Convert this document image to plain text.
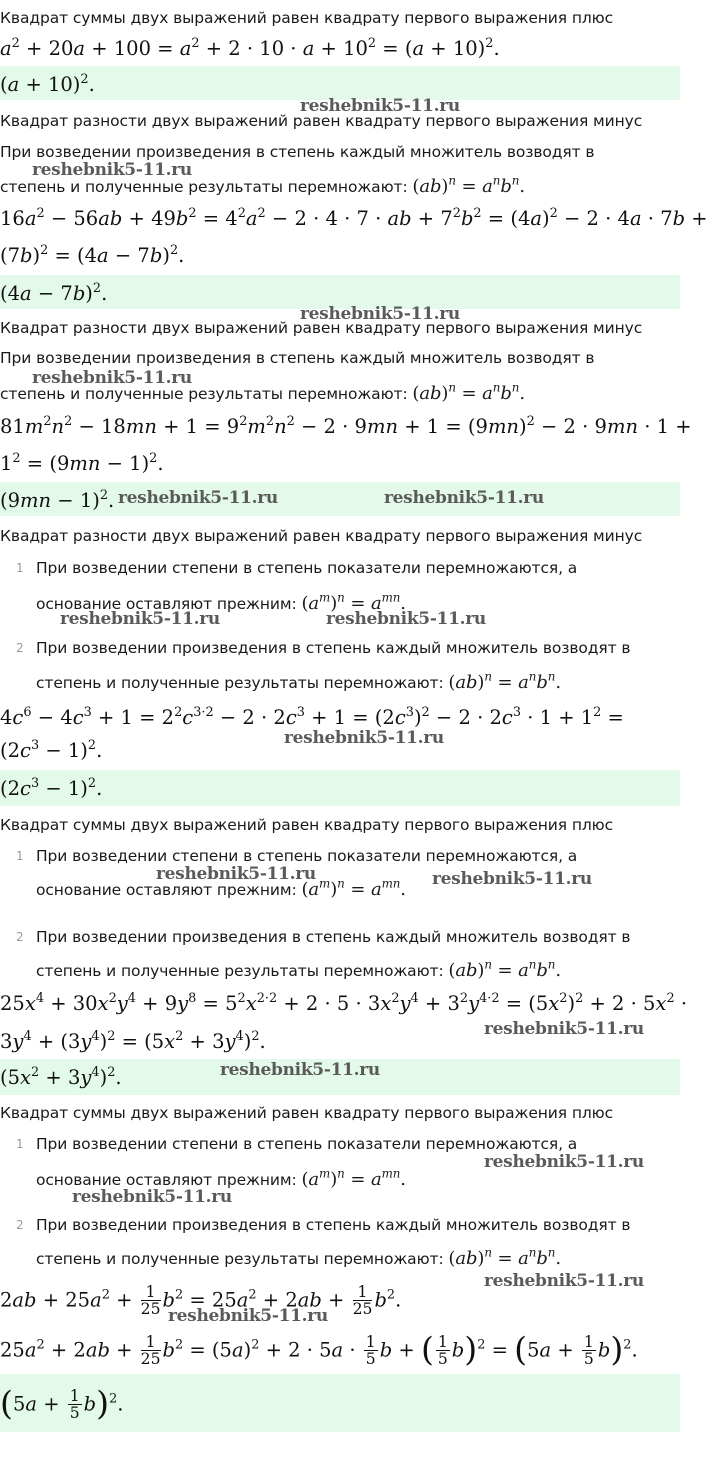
Квадрат суммы двух выражений равен квадрату первого выражения плюс
$a^2 + 20a + 100 = a^2 + 2 \cdot 10 \cdot a + 10^2 = (a + 10)^2$.
$(a + 10)^2$.
reshebnik5-11.ru
Квадрат разности двух выражений равен квадрату первого выражения минус
При возведении произведения в степень каждый множитель возводят в
reshebnik5-11.ru
степень и полученные результаты перемножают: $(ab)^n = a^nb^n$.
$16a^2 - 56ab + 49b^2 = 4^2a^2 - 2 \cdot 4 \cdot 7$ · ab + $7^2b^2 = (4a)^2 - 2 \cdot 4a \cdot 7b$ +
$(7b)^2 = (4a - 7b)^2$.
$(4a - 7b)^2$.
reshebnik5-11.ru
Квадрат разности двух выражений равен квадрату первого выражения минус
При возведении произведения в степень каждый множитель возводят в
reshebnik5-11.ru
степень и полученные результаты перемножают: $(ab)^n = a^nb^n$.
$81m^2n^2 - 18mn + 1 = 9^2m^2n^2 - 2 \cdot 9mn + 1 = (9mn)^2 - 2 \cdot 9mn \cdot 1$ +
$1^2 = (9mn - 1)^2$.
$(9mn - 1)^2$. reshebnik5-11.ru	reshebnik5-11.ru
Квадрат разности двух выражений равен квадрату первого выражения минус
1 При возведении степени в степень показатели перемножаются, а
основание оставляют прежним: $(a^m)^n = a^{mn}$.
reshebnik5-11.ru	reshebnik5-11.ru
2 При возведении произведения в степень каждый множитель возводят в
степень и полученные результаты перемножают: $(ab)^n = a^nb^n$.
$4c^6 - 4c^3 + 1 = 2^2c^{3\cdot 2} - 2 \cdot 2c^3 + 1 = (2c^3)^2 - 2 \cdot 2c^3 \cdot 1 + 1^2$ =
reshebnik5-11.ru
$(2c^3 - 1)^2$.
$(2c^3 - 1)^2$.
Квадрат суммы двух выражений равен квадрату первого выражения плюс
1 При возведении степени в степень показатели перемножаются, а
reshebnik5-11.ru
основание оставляют прежним: $(a^m)^n = a^{mn}$. reshebnik5-11.ru
2 При возведении произведения в степень каждый множитель возводят в
степень и полученные результаты перемножают: $(ab)^n = a^nb^n$.
$25x^4 + 30x^2y^4 + 9y^8 = 5^2x^{2\cdot 2} + 2 \cdot 5 \cdot 3x^2y^4 + 3^2y^{4\cdot 2} = (5x^2)^2 + 2 \cdot 5x^2$ ·
reshebnik5-11.ru
$3y^4 + (3y^4)^2 = (5x^2 + 3y^4)^2$.
$(5x^2 + 3y^4)^2$.	reshebnik5-11.ru
Квадрат суммы двух выражений равен квадрату первого выражения плюс
1 При возведении степени в степень показатели перемножаются, а
reshebnik5-11.ru
основание оставляют прежним: $(a^m)^n = a^{mn}$.
reshebnik5-11.ru
2 При возведении произведения в степень каждый множитель возводят в
степень и полученные результаты перемножают: $(ab)^n = a^nb^n$.
reshebnik5-11.ru
$2ab + 25a^2 + \frac{1}{25} b^2 = 25a^2 + 2ab + \frac{1}{25} b^2$.
reshebnik5-11.ru
$25a^2 + 2ab + \frac{1}{25} b^2 = (5a)^2 + 2 \cdot 5a \cdot \frac{1}{5}$ b + ( $\frac{1}{5} b)^2 = (5a + \frac{1}{5} b)^2$.
$(5a + \frac{1}{5} b)^2$.
